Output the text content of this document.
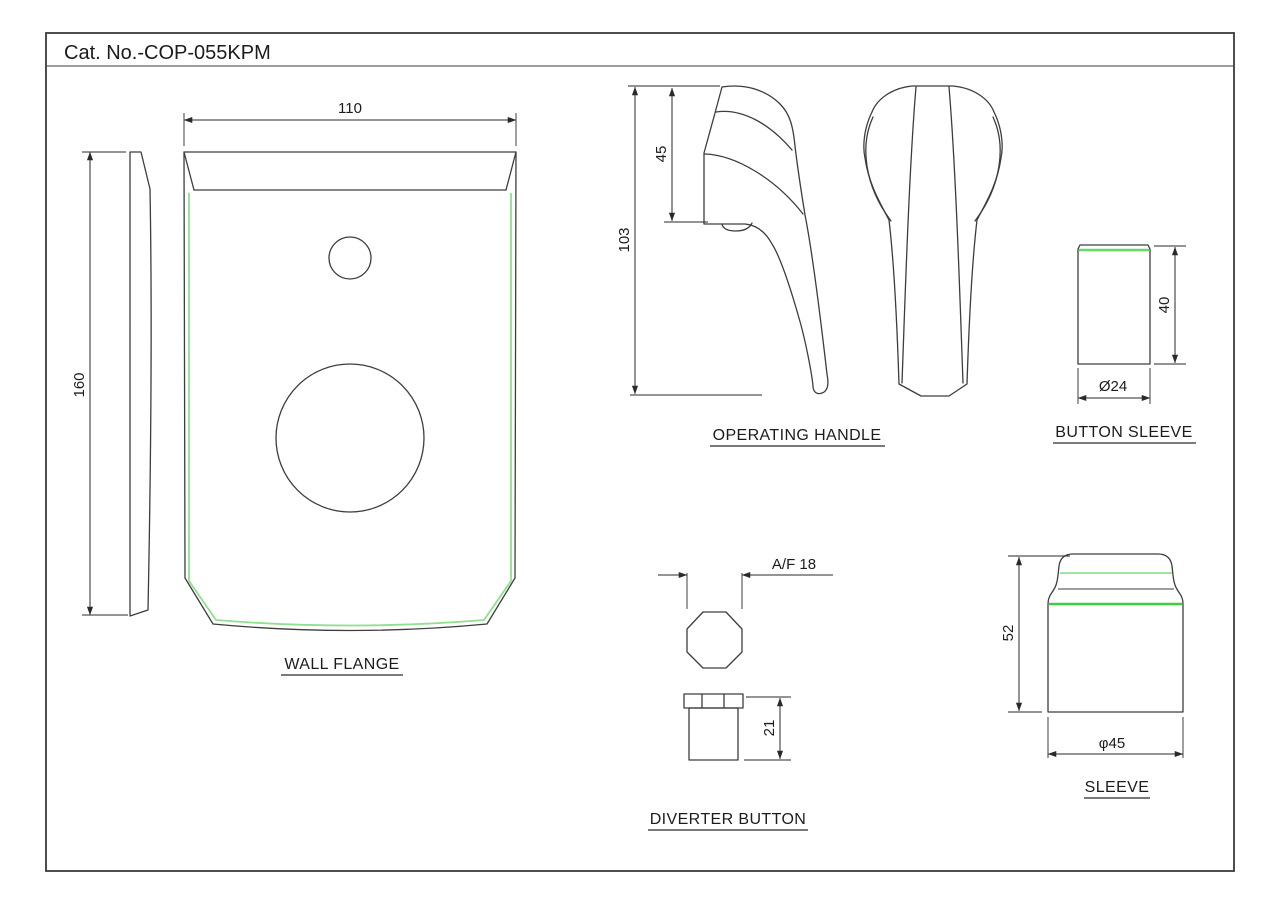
Cat. No.-COP-055KPM
110
160
WALL FLANGE
103
45
OPERATING HANDLE
40
Ø24
BUTTON SLEEVE
A/F 18
21
DIVERTER BUTTON
52
φ45
SLEEVE
